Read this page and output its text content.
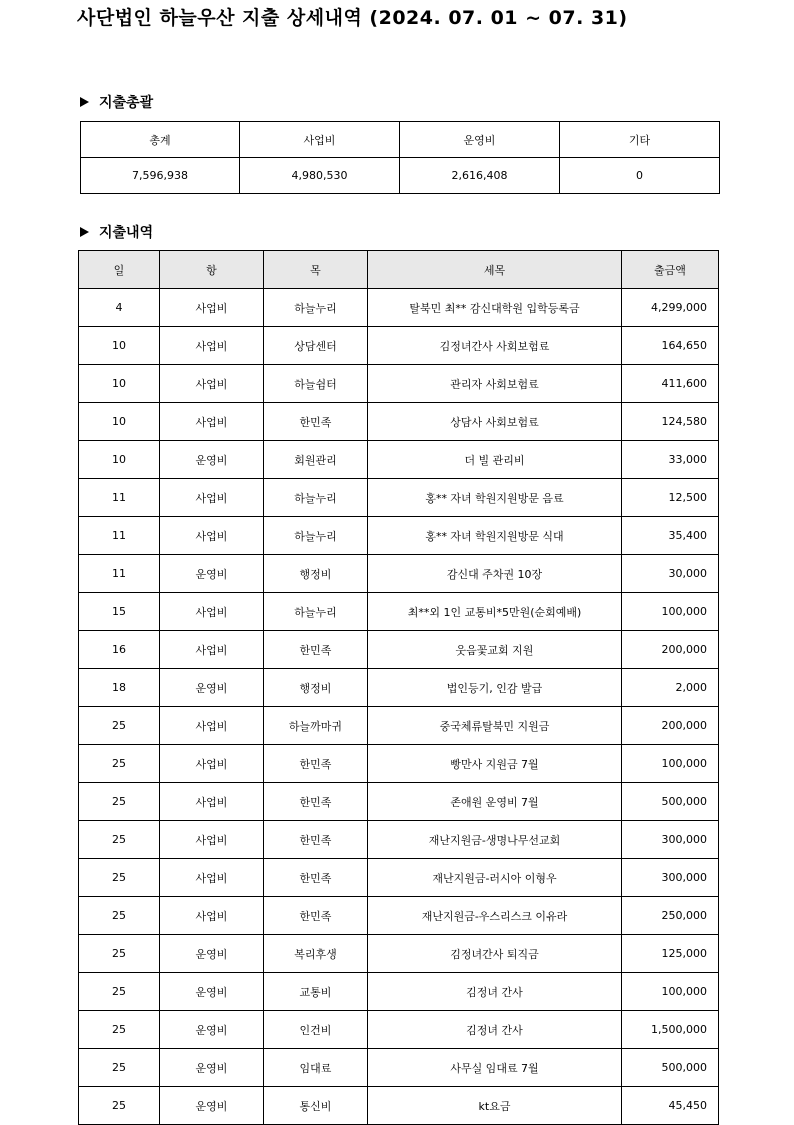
사단법인 하늘우산 지출 상세내역 (2024. 07. 01 ~ 07. 31)
지출총괄
총계	사업비	운영비	기타
7,596,938	4,980,530	2,616,408	0
지출내역
일	항	목	세목	출금액
4	사업비	하늘누리	탈북민 최** 감신대학원 입학등록금	4,299,000
10	사업비	상담센터	김정녀간사 사회보험료	164,650
10	사업비	하늘쉼터	관리자 사회보험료	411,600
10	사업비	한민족	상담사 사회보험료	124,580
10	운영비	회원관리	더 빌 관리비	33,000
11	사업비	하늘누리	홍** 자녀 학원지원방문 음료	12,500
11	사업비	하늘누리	홍** 자녀 학원지원방문 식대	35,400
11	운영비	행정비	감신대 주차권 10장	30,000
15	사업비	하늘누리	최**외 1인 교통비*5만원(순회예배)	100,000
16	사업비	한민족	웃음꽃교회 지원	200,000
18	운영비	행정비	법인등기, 인감 발급	2,000
25	사업비	하늘까마귀	중국체류탈북민 지원금	200,000
25	사업비	한민족	빵만사 지원금 7월	100,000
25	사업비	한민족	존애원 운영비 7월	500,000
25	사업비	한민족	재난지원금-생명나무선교회	300,000
25	사업비	한민족	재난지원금-러시아 이형우	300,000
25	사업비	한민족	재난지원금-우스리스크 이유라	250,000
25	운영비	복리후생	김정녀간사 퇴직금	125,000
25	운영비	교통비	김정녀 간사	100,000
25	운영비	인건비	김정녀 간사	1,500,000
25	운영비	임대료	사무실 임대료 7월	500,000
25	운영비	통신비	kt요금	45,450
